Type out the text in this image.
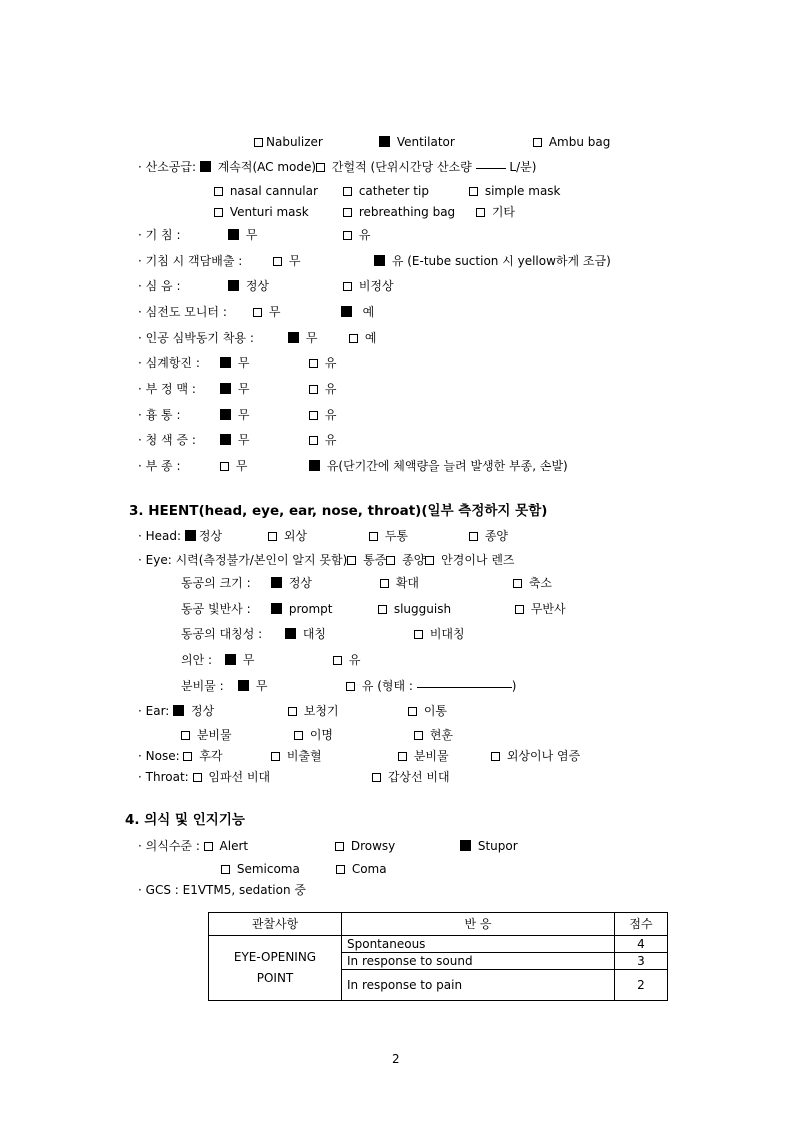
Nabulizer	Ventilator	Ambu bag
· 산소공급: 계속적(AC mode) 간헐적 (단위시간당 산소량	L/분)
nasal cannular	catheter tip	simple mask
Venturi mask	rebreathing bag	기타
· 기 침 :	무	유
· 기침 시 객담배출 :	무	유 (E-tube suction 시 yellow하게 조금)
· 심 음 :	정상	비정상
· 심전도 모니터 :	무	예
· 인공 심박동기 착용 :	무	예
· 심계항진 :	무	유
· 부 정 맥 :	무	유
· 흉 통 :	무	유
· 청 색 증 :	무	유
· 부 종 :	무	유(단기간에 체액량을 늘려 발생한 부종, 손발)
3. HEENT(head, eye, ear, nose, throat)(일부 측정하지 못함)
· Head: 정상	외상	두통	종양
· Eye: 시력(측정불가/본인이 알지 못함) 통증 종양 안경이나 렌즈
동공의 크기 :	정상	확대	축소
동공 빛반사 :	prompt	slugguish	무반사
동공의 대칭성 :	대칭	비대칭
의안 :	무	유
분비물 :	무	유 (형태 :	)
· Ear: 정상	보청기	이통
분비물	이명	현훈
· Nose: 후각	비출혈	분비물	외상이나 염증
· Throat: 임파선 비대	갑상선 비대
4. 의식 및 인지기능
· 의식수준 : Alert	Drowsy	Stupor
Semicoma	Coma
· GCS : E1VTM5, sedation 중
관찰사항	반 응	점수

EYE-OPENING
POINT	Spontaneous	4
	In response to sound	3
	In response to pain	2
2
